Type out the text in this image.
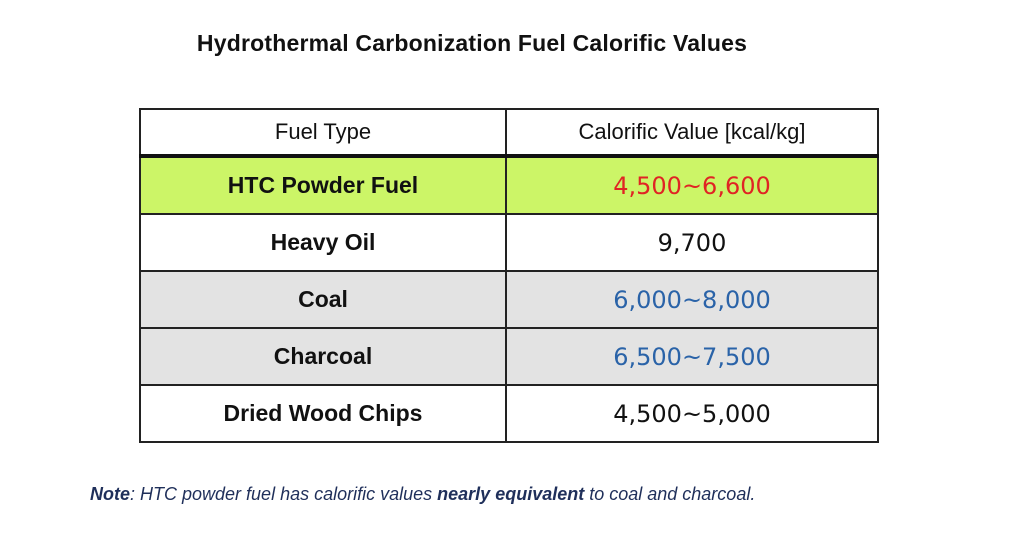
Hydrothermal Carbonization Fuel Calorific Values
Fuel Type	Calorific Value [kcal/kg]
HTC Powder Fuel	4,500~6,600
Heavy Oil	9,700
Coal	6,000~8,000
Charcoal	6,500~7,500
Dried Wood Chips	4,500~5,000
Note: HTC powder fuel has calorific values nearly equivalent to coal and charcoal.
